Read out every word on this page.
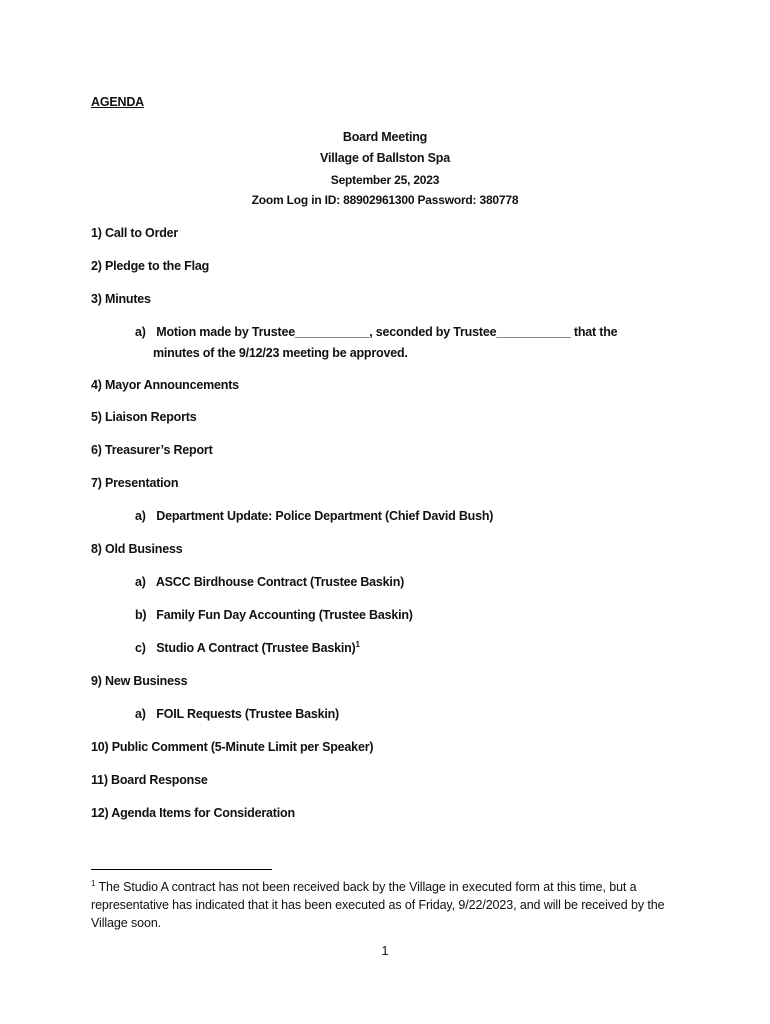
AGENDA
Board Meeting
Village of Ballston Spa
September 25, 2023
Zoom Log in ID: 88902961300 Password: 380778
1) Call to Order
2) Pledge to the Flag
3) Minutes
a) Motion made by Trustee___________, seconded by Trustee___________ that the
minutes of the 9/12/23 meeting be approved.
4) Mayor Announcements
5) Liaison Reports
6) Treasurer’s Report
7) Presentation
a) Department Update: Police Department (Chief David Bush)
8) Old Business
a) ASCC Birdhouse Contract (Trustee Baskin)
b) Family Fun Day Accounting (Trustee Baskin)
c) Studio A Contract (Trustee Baskin)$^1$
9) New Business
a) FOIL Requests (Trustee Baskin)
10) Public Comment (5-Minute Limit per Speaker)
11) Board Response
12) Agenda Items for Consideration
$^1$ The Studio A contract has not been received back by the Village in executed form at this time, but a representative has indicated that it has been executed as of Friday, 9/22/2023, and will be received by the Village soon.
1
